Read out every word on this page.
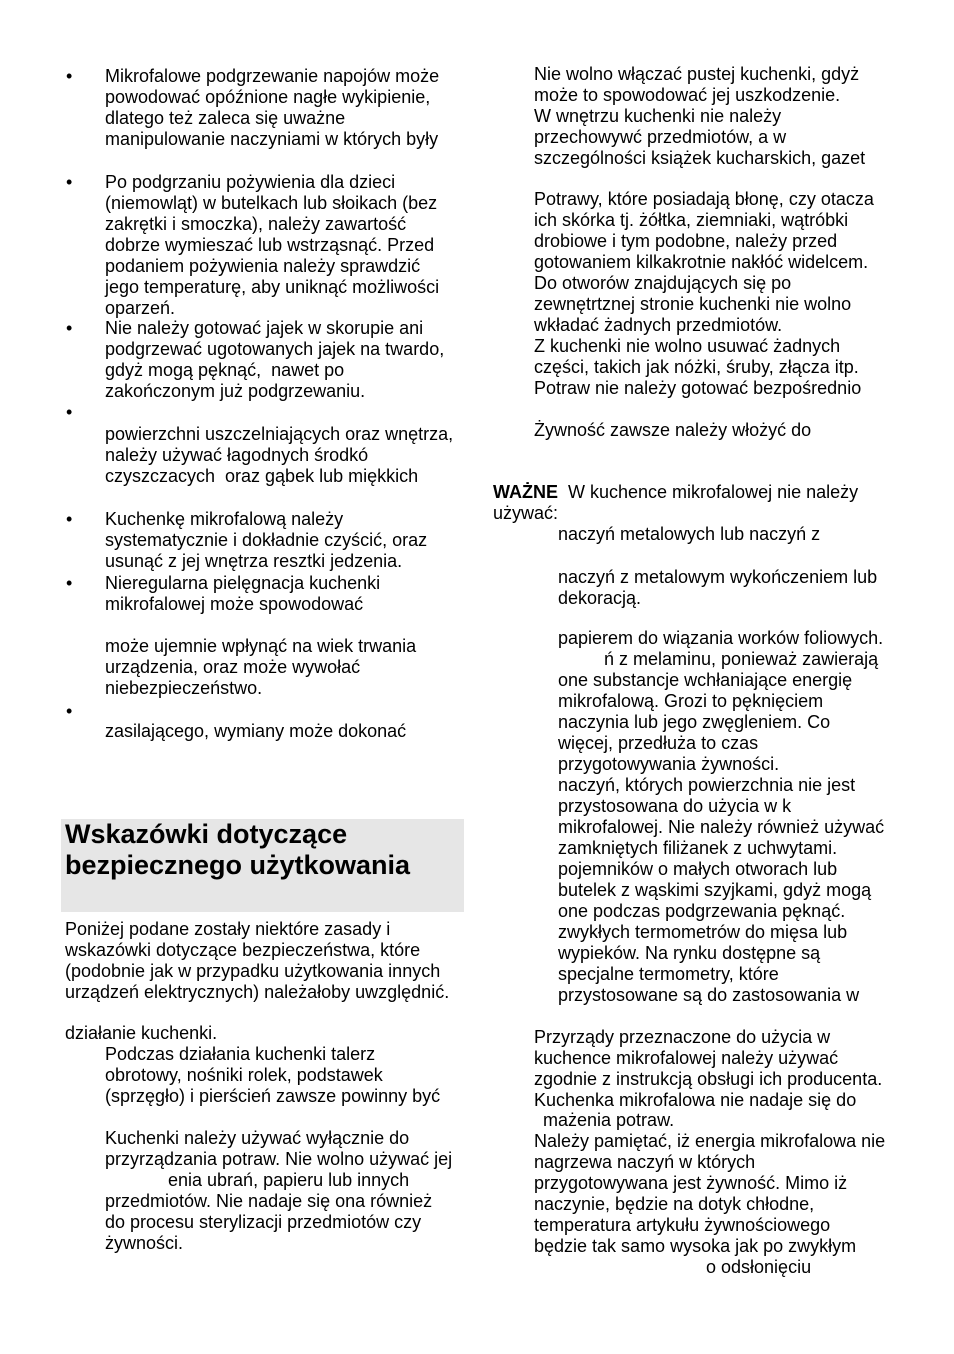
•
Mikrofalowe podgrzewanie napojów może
powodować opóźnione nagłe wykipienie,
dlatego też zaleca się uważne
manipulowanie naczyniami w których były
•
Po podgrzaniu pożywienia dla dzieci
(niemowląt) w butelkach lub słoikach (bez
zakrętki i smoczka), należy zawartość
dobrze wymieszać lub wstrząsnąć. Przed
podaniem pożywienia należy sprawdzić
jego temperaturę, aby uniknąć możliwości
oparzeń.
•
Nie należy gotować jajek w skorupie ani
podgrzewać ugotowanych jajek na twardo,
gdyż mogą pęknąć,  nawet po
zakończonym już podgrzewaniu.
•
powierzchni uszczelniających oraz wnętrza,
należy używać łagodnych środkó
czyszczacych  oraz gąbek lub miękkich
•
Kuchenkę mikrofalową należy
systematycznie i dokładnie czyścić, oraz
usunąć z jej wnętrza resztki jedzenia.
•
Nieregularna pielęgnacja kuchenki
mikrofalowej może spowodować

może ujemnie wpłynąć na wiek trwania
urządzenia, oraz może wywołać
niebezpieczeństwo.
•
zasilającego, wymiany może dokonać
Wskazówki dotyczące
bezpiecznego użytkowania
Poniżej podane zostały niektóre zasady i
wskazówki dotyczące bezpieczeństwa, które
(podobnie jak w przypadku użytkowania innych
urządzeń elektrycznych) należałoby uwzględnić.
działanie kuchenki.
Podczas działania kuchenki talerz
obrotowy, nośniki rolek, podstawek
(sprzęgło) i pierścień zawsze powinny być
Kuchenki należy używać wyłącznie do
przyrządzania potraw. Nie wolno używać jej
enia ubrań, papieru lub innych
przedmiotów. Nie nadaje się ona również
do procesu sterylizacji przedmiotów czy
żywności.
Nie wolno włączać pustej kuchenki, gdyż
może to spowodować jej uszkodzenie.
W wnętrzu kuchenki nie należy
przechowywć przedmiotów, a w
szczególności książek kucharskich, gazet
Potrawy, które posiadają błonę, czy otacza
ich skórka tj. żółtka, ziemniaki, wątróbki
drobiowe i tym podobne, należy przed
gotowaniem kilkakrotnie nakłóć widelcem.
Do otworów znajdujących się po
zewnętrtznej stronie kuchenki nie wolno
wkładać żadnych przedmiotów.
Z kuchenki nie wolno usuwać żadnych
części, takich jak nóżki, śruby, złącza itp.
Potraw nie należy gotować bezpośrednio
Żywność zawsze należy włożyć do
WAŻNE W kuchence mikrofalowej nie należy
używać:
naczyń metalowych lub naczyń z
naczyń z metalowym wykończeniem lub
dekoracją.
papierem do wiązania worków foliowych.
ń z melaminu, ponieważ zawierają
one substancje wchłaniające energię
mikrofalową. Grozi to pęknięciem
naczynia lub jego zwęgleniem. Co
więcej, przedłuża to czas
przygotowywania żywności.
naczyń, których powierzchnia nie jest
przystosowana do użycia w k
mikrofalowej. Nie należy również używać
zamkniętych filiżanek z uchwytami.
pojemników o małych otworach lub
butelek z wąskimi szyjkami, gdyż mogą
one podczas podgrzewania pęknąć.
zwykłych termometrów do mięsa lub
wypieków. Na rynku dostępne są
specjalne termometry, które
przystosowane są do zastosowania w
Przyrządy przeznaczone do użycia w
kuchence mikrofalowej należy używać
zgodnie z instrukcją obsługi ich producenta.
Kuchenka mikrofalowa nie nadaje się do
mażenia potraw.
Należy pamiętać, iż energia mikrofalowa nie
nagrzewa naczyń w których
przygotowywana jest żywność. Mimo iż
naczynie, będzie na dotyk chłodne,
temperatura artykułu żywnościowego
będzie tak samo wysoka jak po zwykłym
o odsłonięciu
